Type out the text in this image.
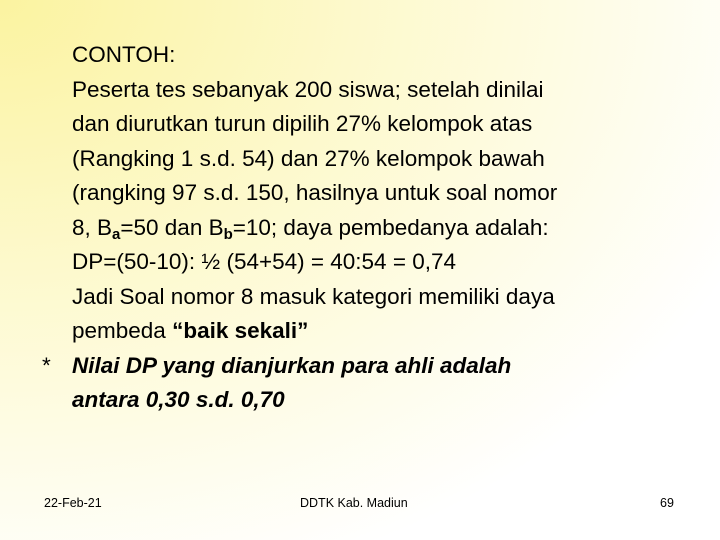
CONTOH:
Peserta tes sebanyak 200 siswa; setelah dinilai
dan diurutkan turun dipilih 27% kelompok atas
(Rangking 1 s.d. 54) dan 27% kelompok bawah
(rangking 97 s.d. 150, hasilnya untuk soal nomor
8, $B_a=50$ dan $B_b=10$; daya pembedanya adalah:
DP=(50-10): ½ (54+54) = 40:54 = 0,74
Jadi Soal nomor 8 masuk kategori memiliki daya
pembeda “baik sekali”
* Nilai DP yang dianjurkan para ahli adalah
antara 0,30 s.d. 0,70
22-Feb-21	DDTK Kab. Madiun	69
